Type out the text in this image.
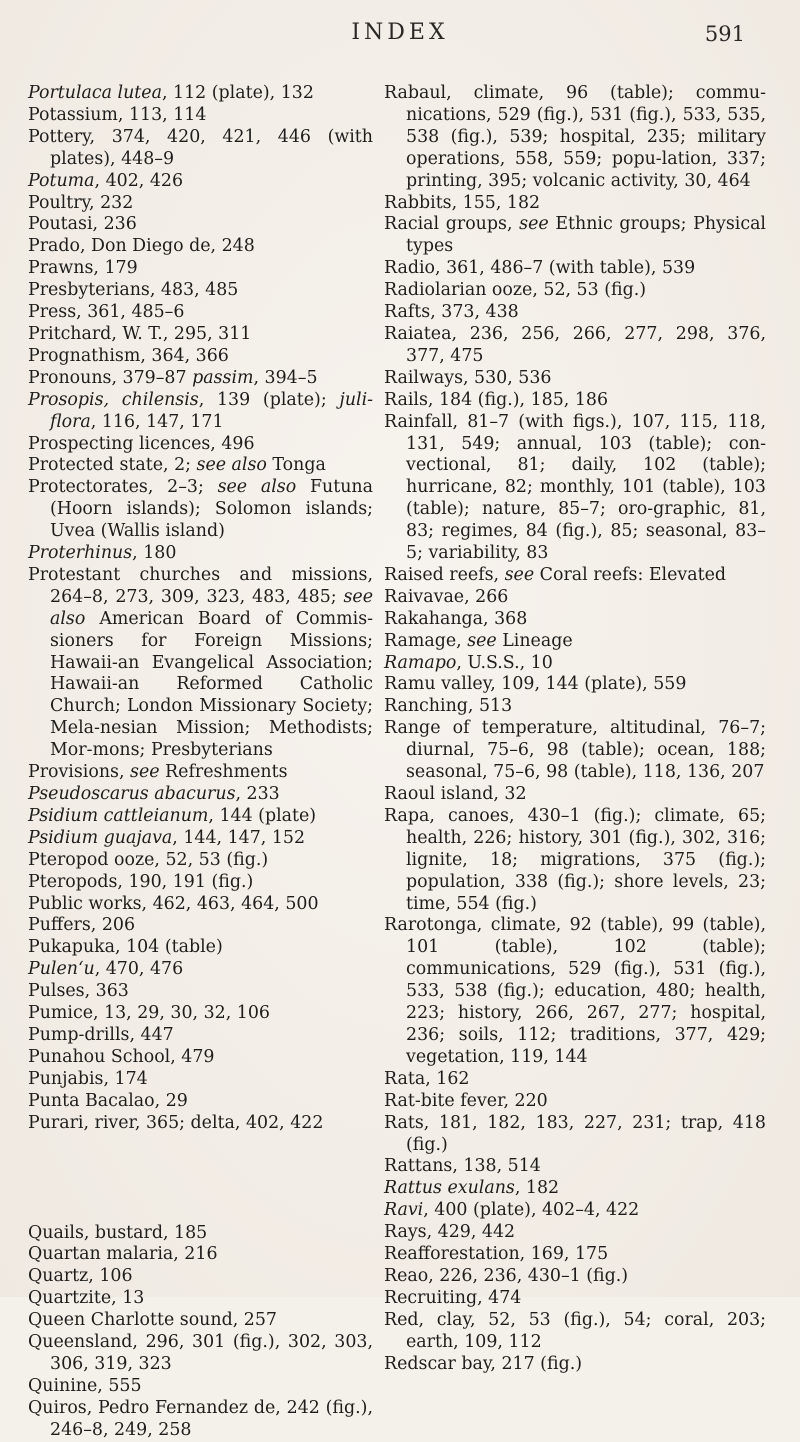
INDEX	591

Portulaca lutea, 112 (plate), 132

Potassium, 113, 114

Pottery, 374, 420, 421, 446 (with plates), 448–9

Potuma, 402, 426

Poultry, 232

Poutasi, 236

Prado, Don Diego de, 248

Prawns, 179

Presbyterians, 483, 485

Press, 361, 485–6

Pritchard, W. T., 295, 311

Prognathism, 364, 366

Pronouns, 379–87 passim, 394–5

Prosopis, chilensis, 139 (plate); juli-flora, 116, 147, 171

Prospecting licences, 496

Protected state, 2; see also Tonga

Protectorates, 2–3; see also Futuna (Hoorn islands); Solomon islands; Uvea (Wallis island)

Proterhinus, 180

Protestant churches and missions, 264–8, 273, 309, 323, 483, 485; see also American Board of Commis-sioners for Foreign Missions; Hawaii-an Evangelical Association; Hawaii-an Reformed Catholic Church; London Missionary Society; Mela-nesian Mission; Methodists; Mor-mons; Presbyterians

Provisions, see Refreshments

Pseudoscarus abacurus, 233

Psidium cattleianum, 144 (plate)

Psidium guajava, 144, 147, 152

Pteropod ooze, 52, 53 (fig.)

Pteropods, 190, 191 (fig.)

Public works, 462, 463, 464, 500

Puffers, 206

Pukapuka, 104 (table)

Pulen‘u, 470, 476

Pulses, 363

Pumice, 13, 29, 30, 32, 106

Pump-drills, 447

Punahou School, 479

Punjabis, 174

Punta Bacalao, 29

Purari, river, 365; delta, 402, 422

Quails, bustard, 185

Quartan malaria, 216

Quartz, 106

Quartzite, 13

Queen Charlotte sound, 257

Queensland, 296, 301 (fig.), 302, 303, 306, 319, 323

Quinine, 555

Quiros, Pedro Fernandez de, 242 (fig.), 246–8, 249, 258

Rabaul, climate, 96 (table); commu-nications, 529 (fig.), 531 (fig.), 533, 535, 538 (fig.), 539; hospital, 235; military operations, 558, 559; popu-lation, 337; printing, 395; volcanic activity, 30, 464

Rabbits, 155, 182

Racial groups, see Ethnic groups; Physical types

Radio, 361, 486–7 (with table), 539

Radiolarian ooze, 52, 53 (fig.)

Rafts, 373, 438

Raiatea, 236, 256, 266, 277, 298, 376, 377, 475

Railways, 530, 536

Rails, 184 (fig.), 185, 186

Rainfall, 81–7 (with figs.), 107, 115, 118, 131, 549; annual, 103 (table); con-vectional, 81; daily, 102 (table); hurricane, 82; monthly, 101 (table), 103 (table); nature, 85–7; oro-graphic, 81, 83; regimes, 84 (fig.), 85; seasonal, 83–5; variability, 83

Raised reefs, see Coral reefs: Elevated

Raivavae, 266

Rakahanga, 368

Ramage, see Lineage

Ramapo, U.S.S., 10

Ramu valley, 109, 144 (plate), 559

Ranching, 513

Range of temperature, altitudinal, 76–7; diurnal, 75–6, 98 (table); ocean, 188; seasonal, 75–6, 98 (table), 118, 136, 207

Raoul island, 32

Rapa, canoes, 430–1 (fig.); climate, 65; health, 226; history, 301 (fig.), 302, 316; lignite, 18; migrations, 375 (fig.); population, 338 (fig.); shore levels, 23; time, 554 (fig.)

Rarotonga, climate, 92 (table), 99 (table), 101 (table), 102 (table); communications, 529 (fig.), 531 (fig.), 533, 538 (fig.); education, 480; health, 223; history, 266, 267, 277; hospital, 236; soils, 112; traditions, 377, 429; vegetation, 119, 144

Rata, 162

Rat-bite fever, 220

Rats, 181, 182, 183, 227, 231; trap, 418 (fig.)

Rattans, 138, 514

Rattus exulans, 182

Ravi, 400 (plate), 402–4, 422

Rays, 429, 442

Reafforestation, 169, 175

Reao, 226, 236, 430–1 (fig.)

Recruiting, 474

Red, clay, 52, 53 (fig.), 54; coral, 203; earth, 109, 112

Redscar bay, 217 (fig.)
